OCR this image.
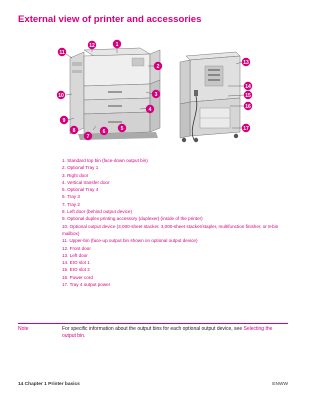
External view of printer and accessories
11
12	1
2
3
4
5
6
7
8
9
10
13
14
15
16
17
1. Standard top bin (face-down output bin)
2. Optional Tray 1
3. Right door
4. Vertical transfer door
5. Optional Tray 4
6. Tray 3
7. Tray 2
8. Left door (behind output device)
9. Optional duplex printing accessory (duplexer) (inside of the printer)
10. Optional output device (3,000-sheet stacker, 3,000-sheet stacker/stapler, multifunction finisher, or 8-bin mailbox)
11. Upper-bin (face-up output bin shown on optional output device)
12. Front door
13. Left door
14. EIO slot 1
15. EIO slot 2
16. Power cord
17. Tray 4 output power
Note	For specific information about the output bins for each optional output device, see Selecting the output bin.
14 Chapter 1 Printer basics	ENWW
